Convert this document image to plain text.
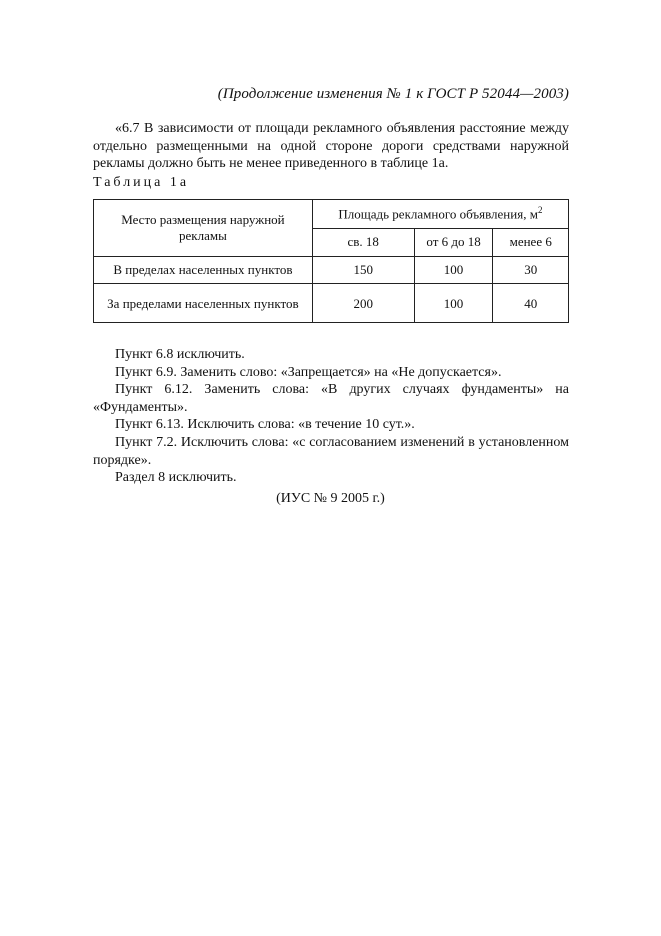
(Продолжение изменения № 1 к ГОСТ Р 52044—2003)

«6.7 В зависимости от площади рекламного объявления расстояние между отдельно размещенными на одной стороне дороги средствами наружной рекламы должно быть не менее приведенного в таблице 1а.

Таблица 1а
Место размещения наружной рекламы	Площадь рекламного объявления, $м^2$
	св. 18	от 6 до 18	менее 6
В пределах населенных пунктов	150	100	30
За пределами населенных пунктов	200	100	40

Пункт 6.8 исключить.

Пункт 6.9. Заменить слово: «Запрещается» на «Не допускается».

Пункт 6.12. Заменить слова: «В других случаях фундаменты» на «Фундаменты».

Пункт 6.13. Исключить слова: «в течение 10 сут.».

Пункт 7.2. Исключить слова: «с согласованием изменений в установленном порядке».

Раздел 8 исключить.

(ИУС № 9 2005 г.)
